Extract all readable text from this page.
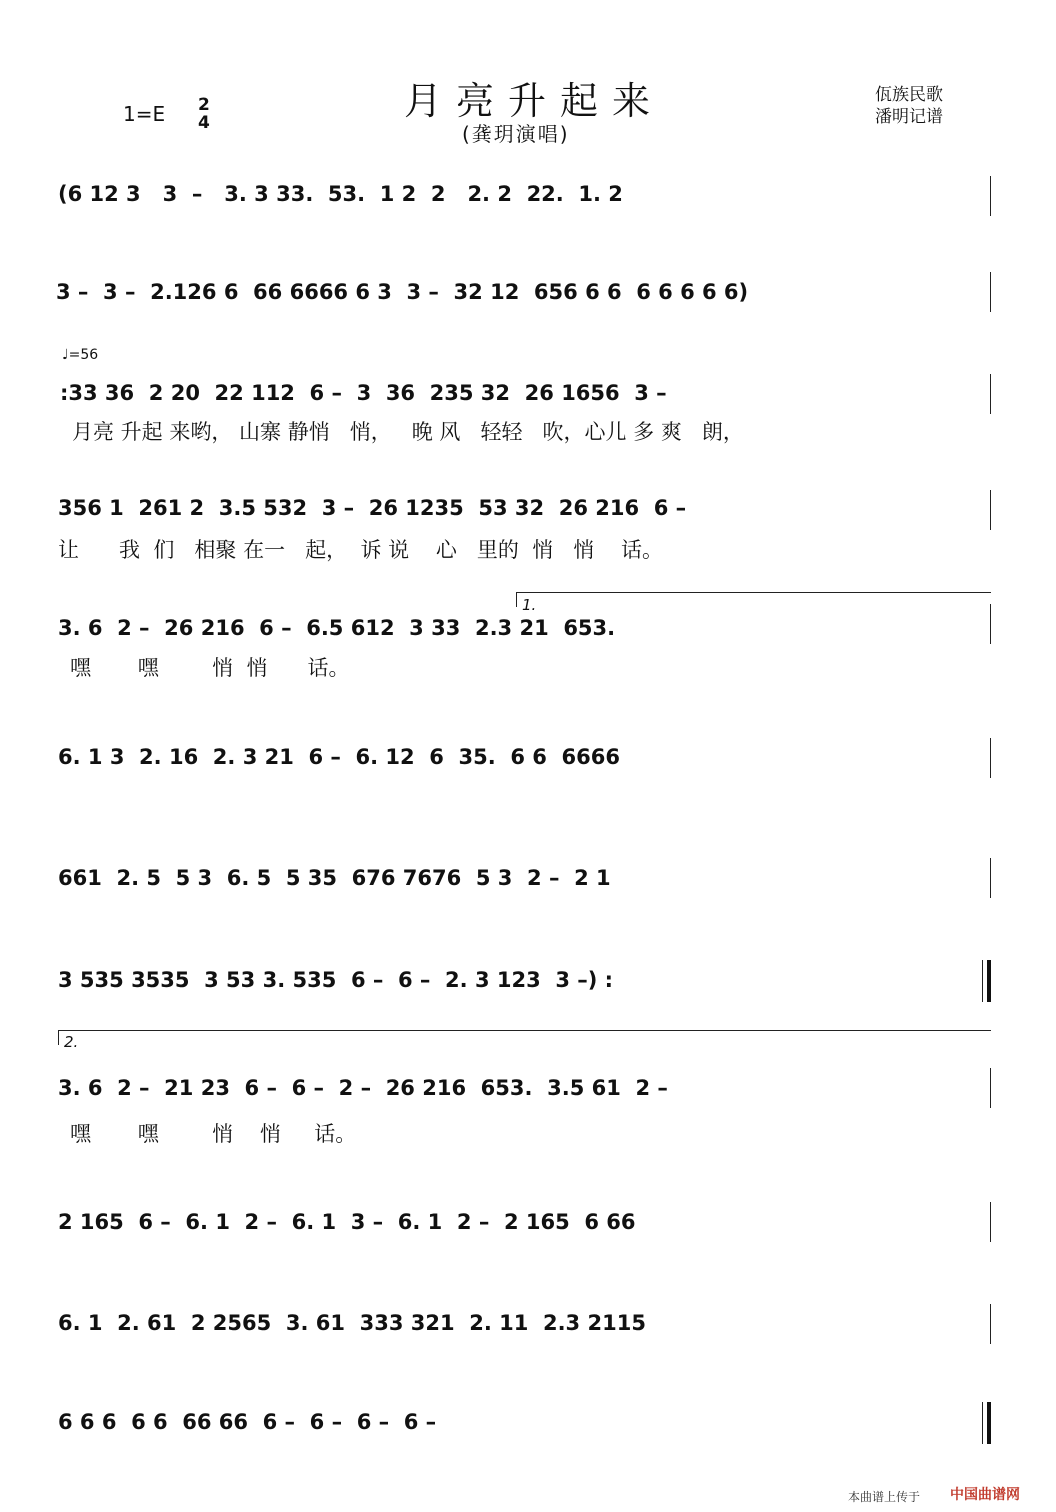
月亮升起来
(龚玥演唱)
1=E 2
4
佤族民歌
潘明记谱
♩=56
(6 12 3   3  –   3. 3 33.  53.  1 2  2   2. 2  22.  1. 2
3 –  3 –  2.126 6  66 6666 6 3  3 –  32 12  656 6 6  6 6 6 6 6)
:33 36  2 20  22 112  6 –  3  36  235 32  26 1656  3 –
月亮 升起 来哟， 山寨 静悄   悄，   晚 风   轻轻   吹，心儿 多 爽   朗，
356 1  261 2  3.5 532  3 –  26 1235  53 32  26 216  6 –
让      我  们   相聚 在一   起，  诉 说    心   里的  悄   悄    话。
3. 6  2 –  26 216  6 –  6.5 612  3 33  2.3 21  653.
嘿       嘿        悄  悄      话。
6. 1 3  2. 16  2. 3 21  6 –  6. 12  6  35.  6 6  6666
661  2. 5  5 3  6. 5  5 35  676 7676  5 3  2 –  2 1
3 535 3535  3 53 3. 535  6 –  6 –  2. 3 123  3 –) :
3. 6  2 –  21 23  6 –  6 –  2 –  26 216  653.  3.5 61  2 –
嘿       嘿        悄    悄     话。
2 165  6 –  6. 1  2 –  6. 1  3 –  6. 1  2 –  2 165  6 66
6. 1  2. 61  2 2565  3. 61  333 321  2. 11  2.3 2115
6 6 6  6 6  66 66  6 –  6 –  6 –  6 –
1.
2.
本曲谱上传于 中国曲谱网
